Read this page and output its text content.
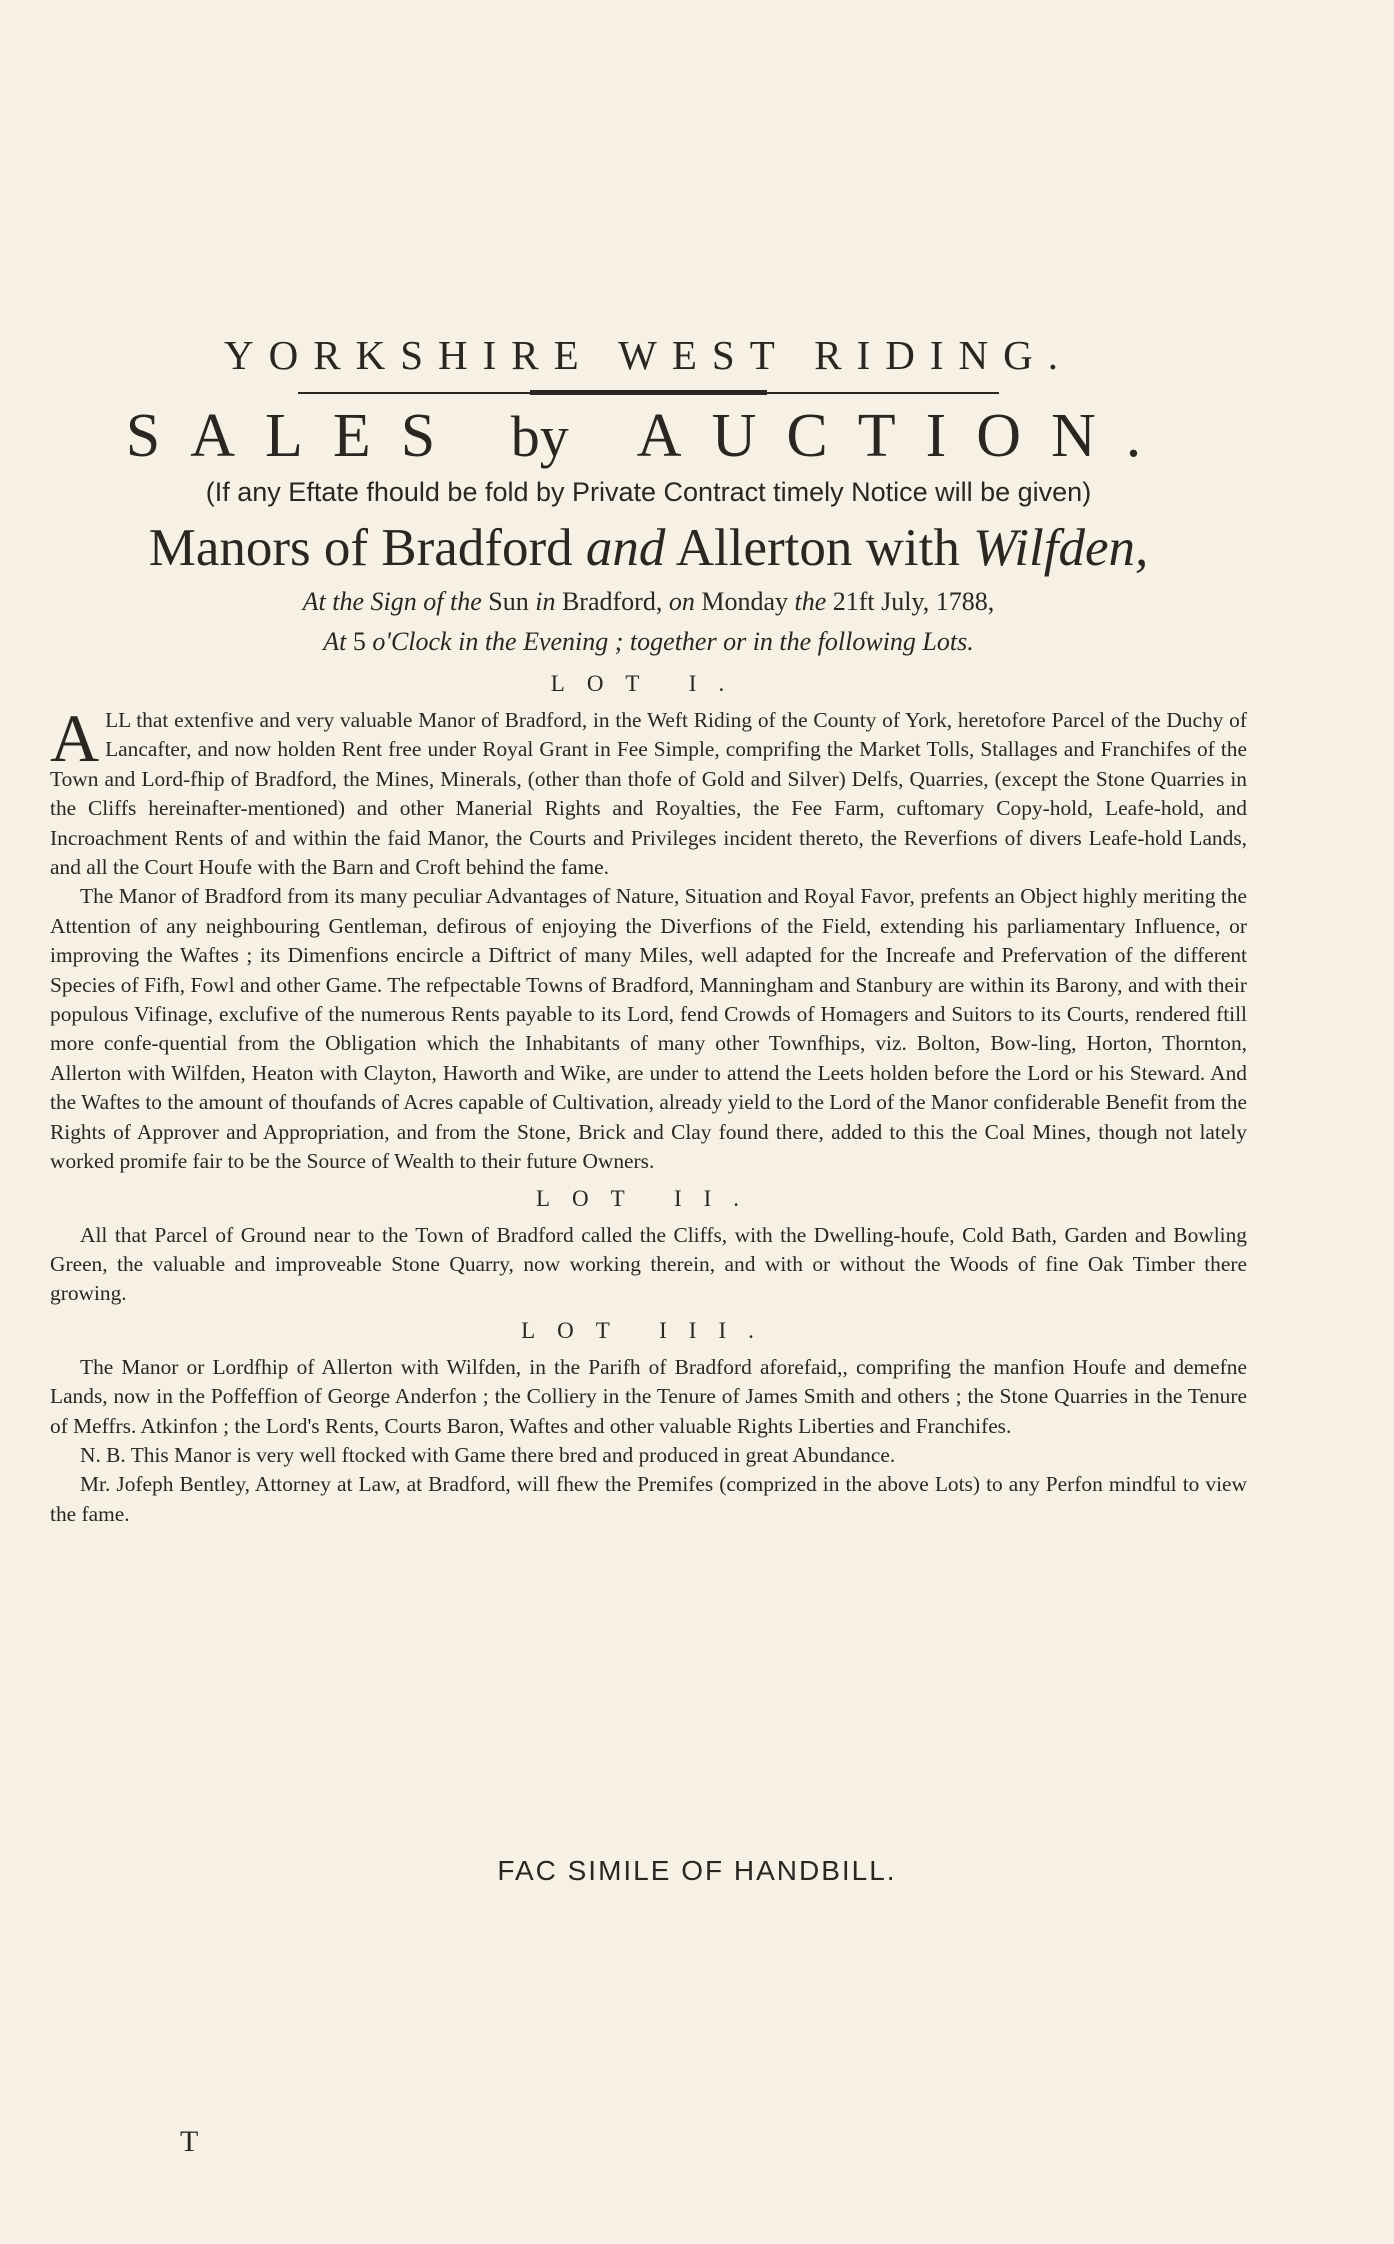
YORKSHIRE WEST RIDING.
SALES by AUCTION.
(If any Eftate fhould be fold by Private Contract timely Notice will be given)
Manors of Bradford and Allerton with Wilfden,
At the Sign of the Sun in Bradford, on Monday the 21ft July, 1788,
At 5 o'Clock in the Evening ; together or in the following Lots.
LOT I.

ALL that extenfive and very valuable Manor of Bradford, in the Weft Riding of the County of York, heretofore Parcel of the Duchy of Lancafter, and now holden Rent free under Royal Grant in Fee Simple, comprifing the Market Tolls, Stallages and Franchifes of the Town and Lord-fhip of Bradford, the Mines, Minerals, (other than thofe of Gold and Silver) Delfs, Quarries, (except the Stone Quarries in the Cliffs hereinafter-mentioned) and other Manerial Rights and Royalties, the Fee Farm, cuftomary Copy-hold, Leafe-hold, and Incroachment Rents of and within the faid Manor, the Courts and Privileges incident thereto, the Reverfions of divers Leafe-hold Lands, and all the Court Houfe with the Barn and Croft behind the fame.

The Manor of Bradford from its many peculiar Advantages of Nature, Situation and Royal Favor, prefents an Object highly meriting the Attention of any neighbouring Gentleman, defirous of enjoying the Diverfions of the Field, extending his parliamentary Influence, or improving the Waftes ; its Dimenfions encircle a Diftrict of many Miles, well adapted for the Increafe and Prefervation of the different Species of Fifh, Fowl and other Game. The refpectable Towns of Bradford, Manningham and Stanbury are within its Barony, and with their populous Vifinage, exclufive of the numerous Rents payable to its Lord, fend Crowds of Homagers and Suitors to its Courts, rendered ftill more confe-quential from the Obligation which the Inhabitants of many other Townfhips, viz. Bolton, Bow-ling, Horton, Thornton, Allerton with Wilfden, Heaton with Clayton, Haworth and Wike, are under to attend the Leets holden before the Lord or his Steward. And the Waftes to the amount of thoufands of Acres capable of Cultivation, already yield to the Lord of the Manor confiderable Benefit from the Rights of Approver and Appropriation, and from the Stone, Brick and Clay found there, added to this the Coal Mines, though not lately worked promife fair to be the Source of Wealth to their future Owners.

LOT II.

All that Parcel of Ground near to the Town of Bradford called the Cliffs, with the Dwelling-houfe, Cold Bath, Garden and Bowling Green, the valuable and improveable Stone Quarry, now working therein, and with or without the Woods of fine Oak Timber there growing.

LOT III.

The Manor or Lordfhip of Allerton with Wilfden, in the Parifh of Bradford aforefaid,, comprifing the manfion Houfe and demefne Lands, now in the Poffeffion of George Anderfon ; the Colliery in the Tenure of James Smith and others ; the Stone Quarries in the Tenure of Meffrs. Atkinfon ; the Lord's Rents, Courts Baron, Waftes and other valuable Rights Liberties and Franchifes.

N. B. This Manor is very well ftocked with Game there bred and produced in great Abundance.

Mr. Jofeph Bentley, Attorney at Law, at Bradford, will fhew the Premifes (comprized in the above Lots) to any Perfon mindful to view the fame.

FAC SIMILE OF HANDBILL.
T
